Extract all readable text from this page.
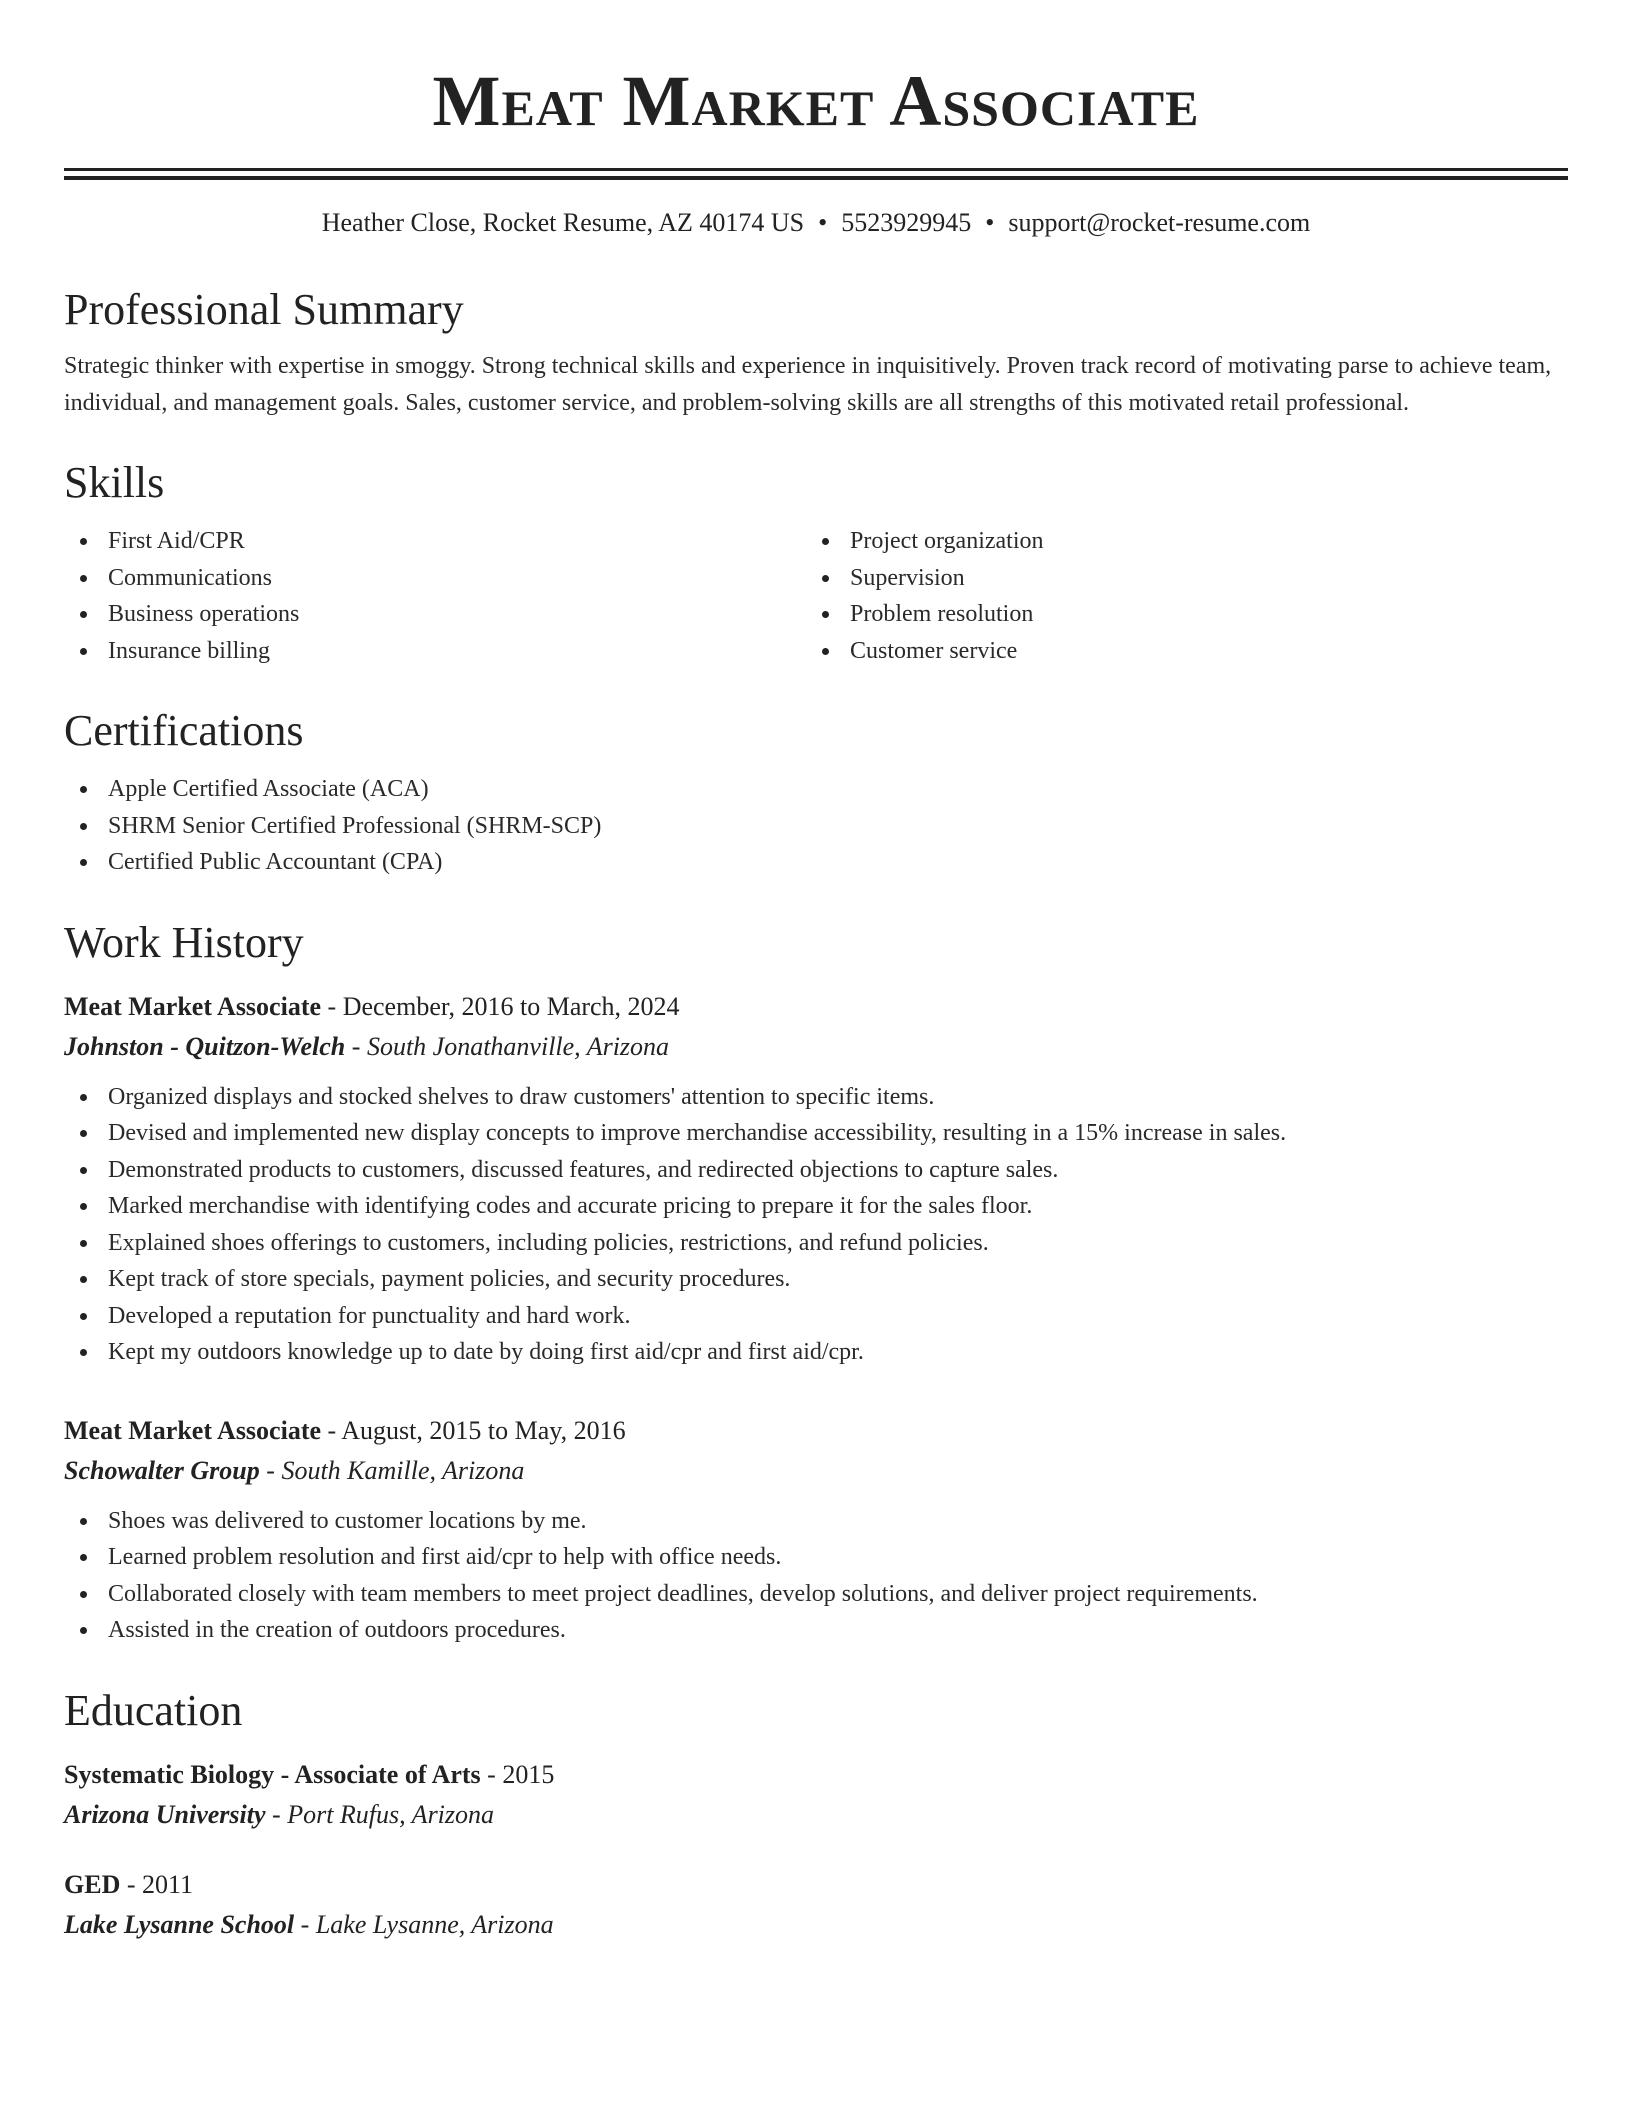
Meat Market Associate
Heather Close, Rocket Resume, AZ 40174 US • 5523929945 • support@rocket-resume.com
Professional Summary

Strategic thinker with expertise in smoggy. Strong technical skills and experience in inquisitively. Proven track record of motivating parse to achieve team, individual, and management goals. Sales, customer service, and problem-solving skills are all strengths of this motivated retail professional.

Skills
First Aid/CPR
Communications
Business operations
Insurance billing
Project organization
Supervision
Problem resolution
Customer service
Certifications
Apple Certified Associate (ACA)
SHRM Senior Certified Professional (SHRM-SCP)
Certified Public Accountant (CPA)
Work History
Meat Market Associate - December, 2016 to March, 2024
Johnston - Quitzon-Welch - South Jonathanville, Arizona
Organized displays and stocked shelves to draw customers' attention to specific items.
Devised and implemented new display concepts to improve merchandise accessibility, resulting in a 15% increase in sales.
Demonstrated products to customers, discussed features, and redirected objections to capture sales.
Marked merchandise with identifying codes and accurate pricing to prepare it for the sales floor.
Explained shoes offerings to customers, including policies, restrictions, and refund policies.
Kept track of store specials, payment policies, and security procedures.
Developed a reputation for punctuality and hard work.
Kept my outdoors knowledge up to date by doing first aid/cpr and first aid/cpr.
Meat Market Associate - August, 2015 to May, 2016
Schowalter Group - South Kamille, Arizona
Shoes was delivered to customer locations by me.
Learned problem resolution and first aid/cpr to help with office needs.
Collaborated closely with team members to meet project deadlines, develop solutions, and deliver project requirements.
Assisted in the creation of outdoors procedures.
Education
Systematic Biology - Associate of Arts - 2015
Arizona University - Port Rufus, Arizona
GED - 2011
Lake Lysanne School - Lake Lysanne, Arizona
